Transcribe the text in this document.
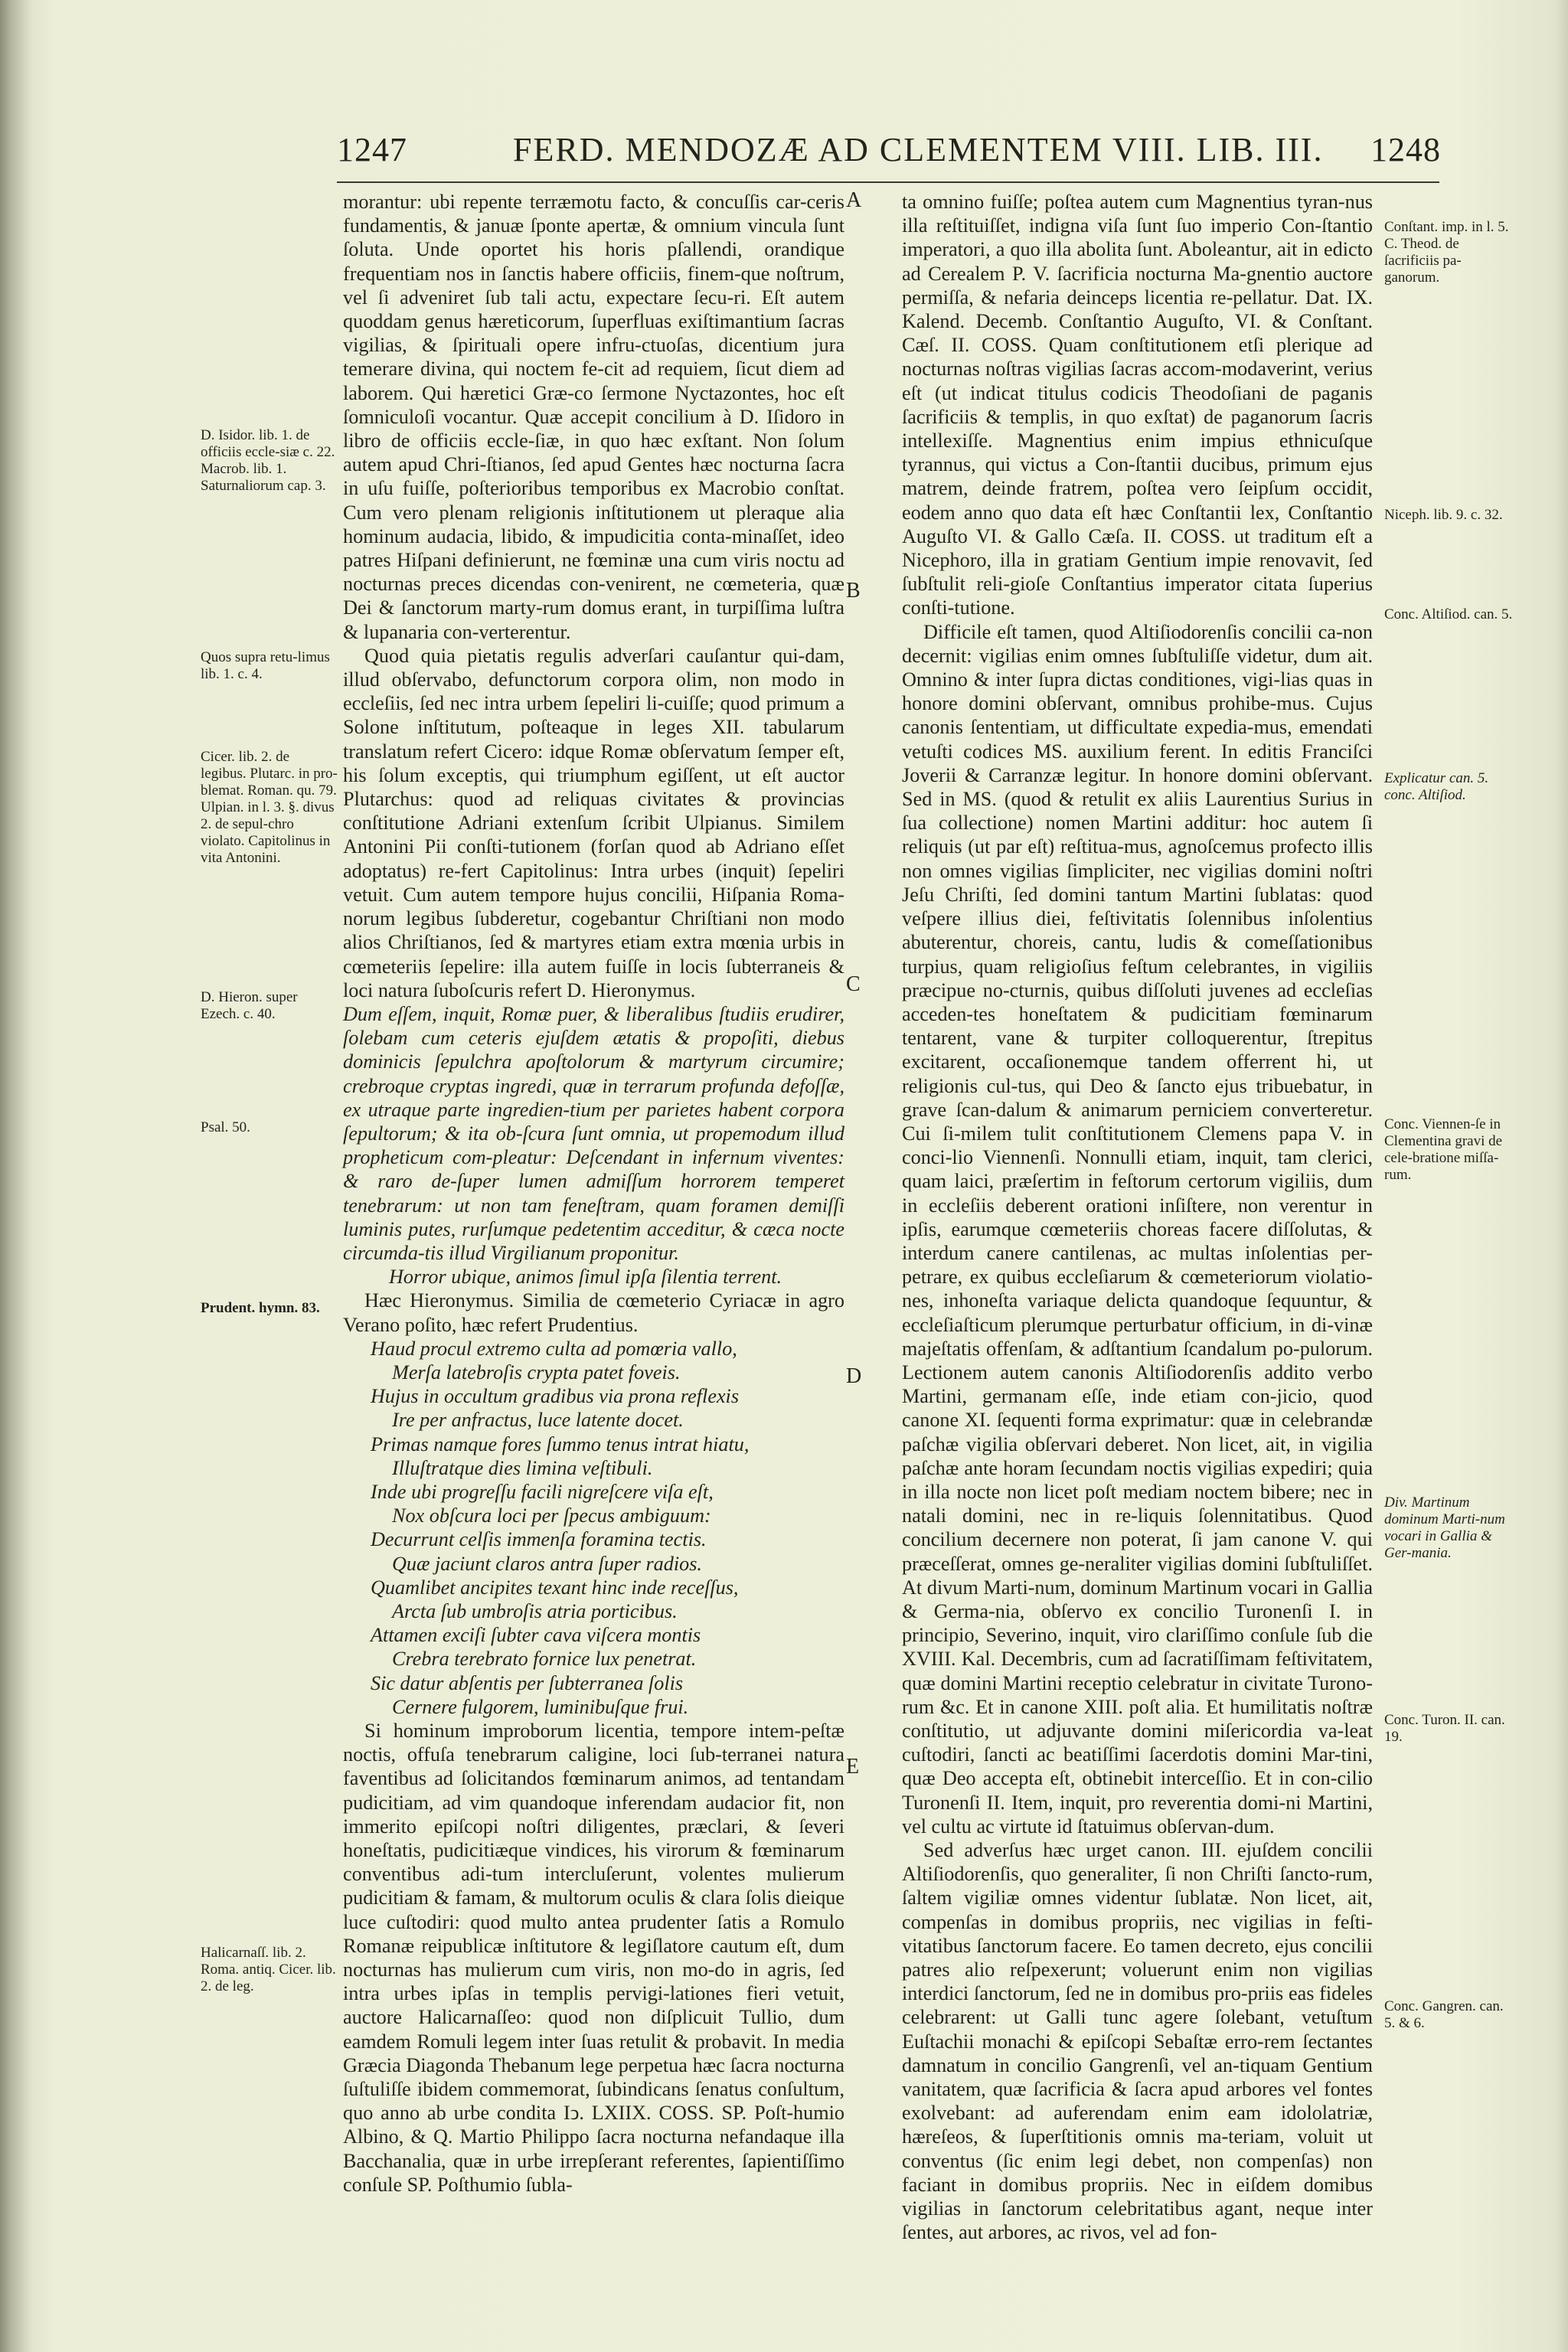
1247	FERD. MENDOZÆ AD CLEMENTEM VIII. LIB. III. 1248
D. Isidor. lib. 1. de officiis eccle-siæ c. 22. Macrob. lib. 1. Saturnaliorum cap. 3.
Quos supra retu-limus lib. 1. c. 4.
Cicer. lib. 2. de legibus. Plutarc. in pro-blemat. Roman. qu. 79. Ulpian. in l. 3. §. divus 2. de sepul-chro violato. Capitolinus in vita Antonini.
D. Hieron. super Ezech. c. 40.
Psal. 50.
Prudent. hymn. 83.
Halicarnaſſ. lib. 2. Roma. antiq. Cicer. lib. 2. de leg.
A
B
C
D
E

morantur: ubi repente terræmotu facto, & concuſſis car-ceris fundamentis, & januæ ſponte apertæ, & omnium vincula ſunt ſoluta. Unde oportet his horis pſallendi, orandique frequentiam nos in ſanctis habere officiis, finem-que noſtrum, vel ſi adveniret ſub tali actu, expectare ſecu-ri. Eſt autem quoddam genus hæreticorum, ſuperfluas exiſtimantium ſacras vigilias, & ſpirituali opere infru-ctuoſas, dicentium jura temerare divina, qui noctem fe-cit ad requiem, ſicut diem ad laborem. Qui hæretici Græ-co ſermone Nyctazontes, hoc eſt ſomniculoſi vocantur. Quæ accepit concilium à D. Iſidoro in libro de officiis eccle-ſiæ, in quo hæc exſtant. Non ſolum autem apud Chri-ſtianos, ſed apud Gentes hæc nocturna ſacra in uſu fuiſſe, poſterioribus temporibus ex Macrobio conſtat. Cum vero plenam religionis inſtitutionem ut pleraque alia hominum audacia, libido, & impudicitia conta-minaſſet, ideo patres Hiſpani definierunt, ne fœminæ una cum viris noctu ad nocturnas preces dicendas con-venirent, ne cœmeteria, quæ Dei & ſanctorum marty-rum domus erant, in turpiſſima luſtra & lupanaria con-verterentur.

Quod quia pietatis regulis adverſari cauſantur qui-dam, illud obſervabo, defunctorum corpora olim, non modo in eccleſiis, ſed nec intra urbem ſepeliri li-cuiſſe; quod primum a Solone inſtitutum, poſteaque in leges XII. tabularum translatum refert Cicero: idque Romæ obſervatum ſemper eſt, his ſolum exceptis, qui triumphum egiſſent, ut eſt auctor Plutarchus: quod ad reliquas civitates & provincias conſtitutione Adriani extenſum ſcribit Ulpianus. Similem Antonini Pii conſti-tutionem (forſan quod ab Adriano eſſet adoptatus) re-fert Capitolinus: Intra urbes (inquit) ſepeliri vetuit. Cum autem tempore hujus concilii, Hiſpania Roma-norum legibus ſubderetur, cogebantur Chriſtiani non modo alios Chriſtianos, ſed & martyres etiam extra mœnia urbis in cœmeteriis ſepelire: illa autem fuiſſe in locis ſubterraneis & loci natura ſuboſcuris refert D. Hieronymus.

Dum eſſem, inquit, Romæ puer, & liberalibus ſtudiis erudirer, ſolebam cum ceteris ejuſdem ætatis & propoſiti, diebus dominicis ſepulchra apoſtolorum & martyrum circumire; crebroque cryptas ingredi, quæ in terrarum profunda defoſſæ, ex utraque parte ingredien-tium per parietes habent corpora ſepultorum; & ita ob-ſcura ſunt omnia, ut propemodum illud propheticum com-pleatur: Deſcendant in infernum viventes: & raro de-ſuper lumen admiſſum horrorem temperet tenebrarum: ut non tam feneſtram, quam foramen demiſſi luminis putes, rurſumque pedetentim acceditur, & cæca nocte circumda-tis illud Virgilianum proponitur.

Horror ubique, animos ſimul ipſa ſilentia terrent.

Hæc Hieronymus. Similia de cœmeterio Cyriacæ in agro Verano poſito, hæc refert Prudentius.

Haud procul extremo culta ad pomœria vallo,
Merſa latebroſis crypta patet foveis.
Hujus in occultum gradibus via prona reflexis
Ire per anfractus, luce latente docet.
Primas namque fores ſummo tenus intrat hiatu,
Illuſtratque dies limina veſtibuli.
Inde ubi progreſſu facili nigreſcere viſa eſt,
Nox obſcura loci per ſpecus ambiguum:
Decurrunt celſis immenſa foramina tectis.
Quæ jaciunt claros antra ſuper radios.
Quamlibet ancipites texant hinc inde receſſus,
Arcta ſub umbroſis atria porticibus.
Attamen exciſi ſubter cava viſcera montis
Crebra terebrato fornice lux penetrat.
Sic datur abſentis per ſubterranea ſolis
Cernere fulgorem, luminibuſque frui.

Si hominum improborum licentia, tempore intem-peſtæ noctis, offuſa tenebrarum caligine, loci ſub-terranei natura faventibus ad ſolicitandos fœminarum animos, ad tentandam pudicitiam, ad vim quandoque inferendam audacior fit, non immerito epiſcopi noſtri diligentes, præclari, & ſeveri honeſtatis, pudicitiæque vindices, his virorum & fœminarum conventibus adi-tum intercluſerunt, volentes mulierum pudicitiam & famam, & multorum oculis & clara ſolis dieique luce cuſtodiri: quod multo antea prudenter ſatis a Romulo Romanæ reipublicæ inſtitutore & legiſlatore cautum eſt, dum nocturnas has mulierum cum viris, non mo-do in agris, ſed intra urbes ipſas in templis pervigi-lationes fieri vetuit, auctore Halicarnaſſeo: quod non diſplicuit Tullio, dum eamdem Romuli legem inter ſuas retulit & probavit. In media Græcia Diagonda Thebanum lege perpetua hæc ſacra nocturna ſuſtuliſſe ibidem commemorat, ſubindicans ſenatus conſultum, quo anno ab urbe condita Iↄ. LXIIX. COSS. SP. Poſt-humio Albino, & Q. Martio Philippo ſacra nocturna nefandaque illa Bacchanalia, quæ in urbe irrepſerant referentes, ſapientiſſimo conſule SP. Poſthumio ſubla-

ta omnino fuiſſe; poſtea autem cum Magnentius tyran-nus illa reſtituiſſet, indigna viſa ſunt ſuo imperio Con-ſtantio imperatori, a quo illa abolita ſunt. Aboleantur, ait in edicto ad Cerealem P. V. ſacrificia nocturna Ma-gnentio auctore permiſſa, & nefaria deinceps licentia re-pellatur. Dat. IX. Kalend. Decemb. Conſtantio Auguſto, VI. & Conſtant. Cæſ. II. COSS. Quam conſtitutionem etſi plerique ad nocturnas noſtras vigilias ſacras accom-modaverint, verius eſt (ut indicat titulus codicis Theodoſiani de paganis ſacrificiis & templis, in quo exſtat) de paganorum ſacris intellexiſſe. Magnentius enim impius ethnicuſque tyrannus, qui victus a Con-ſtantii ducibus, primum ejus matrem, deinde fratrem, poſtea vero ſeipſum occidit, eodem anno quo data eſt hæc Conſtantii lex, Conſtantio Auguſto VI. & Gallo Cæſa. II. COSS. ut traditum eſt a Nicephoro, illa in gratiam Gentium impie renovavit, ſed ſubſtulit reli-gioſe Conſtantius imperator citata ſuperius conſti-tutione.

Difficile eſt tamen, quod Altiſiodorenſis concilii ca-non decernit: vigilias enim omnes ſubſtuliſſe videtur, dum ait. Omnino & inter ſupra dictas conditiones, vigi-lias quas in honore domini obſervant, omnibus prohibe-mus. Cujus canonis ſententiam, ut difficultate expedia-mus, emendati vetuſti codices MS. auxilium ferent. In editis Franciſci Joverii & Carranzæ legitur. In honore domini obſervant. Sed in MS. (quod & retulit ex aliis Laurentius Surius in ſua collectione) nomen Martini additur: hoc autem ſi reliquis (ut par eſt) reſtitua-mus, agnoſcemus profecto illis non omnes vigilias ſimpliciter, nec vigilias domini noſtri Jeſu Chriſti, ſed domini tantum Martini ſublatas: quod veſpere illius diei, feſtivitatis ſolennibus inſolentius abuterentur, choreis, cantu, ludis & comeſſationibus turpius, quam religioſius feſtum celebrantes, in vigiliis præcipue no-cturnis, quibus diſſoluti juvenes ad eccleſias acceden-tes honeſtatem & pudicitiam fœminarum tentarent, vane & turpiter colloquerentur, ſtrepitus excitarent, occaſionemque tandem offerrent hi, ut religionis cul-tus, qui Deo & ſancto ejus tribuebatur, in grave ſcan-dalum & animarum perniciem converteretur. Cui ſi-milem tulit conſtitutionem Clemens papa V. in conci-lio Viennenſi. Nonnulli etiam, inquit, tam clerici, quam laici, præſertim in feſtorum certorum vigiliis, dum in eccleſiis deberent orationi inſiſtere, non verentur in ipſis, earumque cœmeteriis choreas facere diſſolutas, & interdum canere cantilenas, ac multas inſolentias per-petrare, ex quibus eccleſiarum & cœmeteriorum violatio-nes, inhoneſta variaque delicta quandoque ſequuntur, & eccleſiaſticum plerumque perturbatur officium, in di-vinæ majeſtatis offenſam, & adſtantium ſcandalum po-pulorum. Lectionem autem canonis Altiſiodorenſis addito verbo Martini, germanam eſſe, inde etiam con-jicio, quod canone XI. ſequenti forma exprimatur: quæ in celebrandæ paſchæ vigilia obſervari deberet. Non licet, ait, in vigilia paſchæ ante horam ſecundam noctis vigilias expediri; quia in illa nocte non licet poſt mediam noctem bibere; nec in natali domini, nec in re-liquis ſolennitatibus. Quod concilium decernere non poterat, ſi jam canone V. qui præceſſerat, omnes ge-neraliter vigilias domini ſubſtuliſſet. At divum Marti-num, dominum Martinum vocari in Gallia & Germa-nia, obſervo ex concilio Turonenſi I. in principio, Severino, inquit, viro clariſſimo conſule ſub die XVIII. Kal. Decembris, cum ad ſacratiſſimam feſtivitatem, quæ domini Martini receptio celebratur in civitate Turono-rum &c. Et in canone XIII. poſt alia. Et humilitatis noſtræ conſtitutio, ut adjuvante domini miſericordia va-leat cuſtodiri, ſancti ac beatiſſimi ſacerdotis domini Mar-tini, quæ Deo accepta eſt, obtinebit interceſſio. Et in con-cilio Turonenſi II. Item, inquit, pro reverentia domi-ni Martini, vel cultu ac virtute id ſtatuimus obſervan-dum.

Sed adverſus hæc urget canon. III. ejuſdem concilii Altiſiodorenſis, quo generaliter, ſi non Chriſti ſancto-rum, ſaltem vigiliæ omnes videntur ſublatæ. Non licet, ait, compenſas in domibus propriis, nec vigilias in feſti-vitatibus ſanctorum facere. Eo tamen decreto, ejus concilii patres alio reſpexerunt; voluerunt enim non vigilias interdici ſanctorum, ſed ne in domibus pro-priis eas fideles celebrarent: ut Galli tunc agere ſolebant, vetuſtum Euſtachii monachi & epiſcopi Sebaſtæ erro-rem ſectantes damnatum in concilio Gangrenſi, vel an-tiquam Gentium vanitatem, quæ ſacrificia & ſacra apud arbores vel fontes exolvebant: ad auferendam enim eam idololatriæ, hæreſeos, & ſuperſtitionis omnis ma-teriam, voluit ut conventus (ſic enim legi debet, non compenſas) non faciant in domibus propriis. Nec in eiſdem domibus vigilias in ſanctorum celebritatibus agant, neque inter ſentes, aut arbores, ac rivos, vel ad fon-

Conſtant. imp. in l. 5. C. Theod. de ſacrificiis pa-ganorum.
Niceph. lib. 9. c. 32.
Conc. Altiſiod. can. 5.
Explicatur can. 5. conc. Altiſiod.
Conc. Viennen-ſe in Clementina gravi de cele-bratione miſſa-rum.
Div. Martinum dominum Marti-num vocari in Gallia & Ger-mania.
Conc. Turon. II. can. 19.
Conc. Gangren. can. 5. & 6.
